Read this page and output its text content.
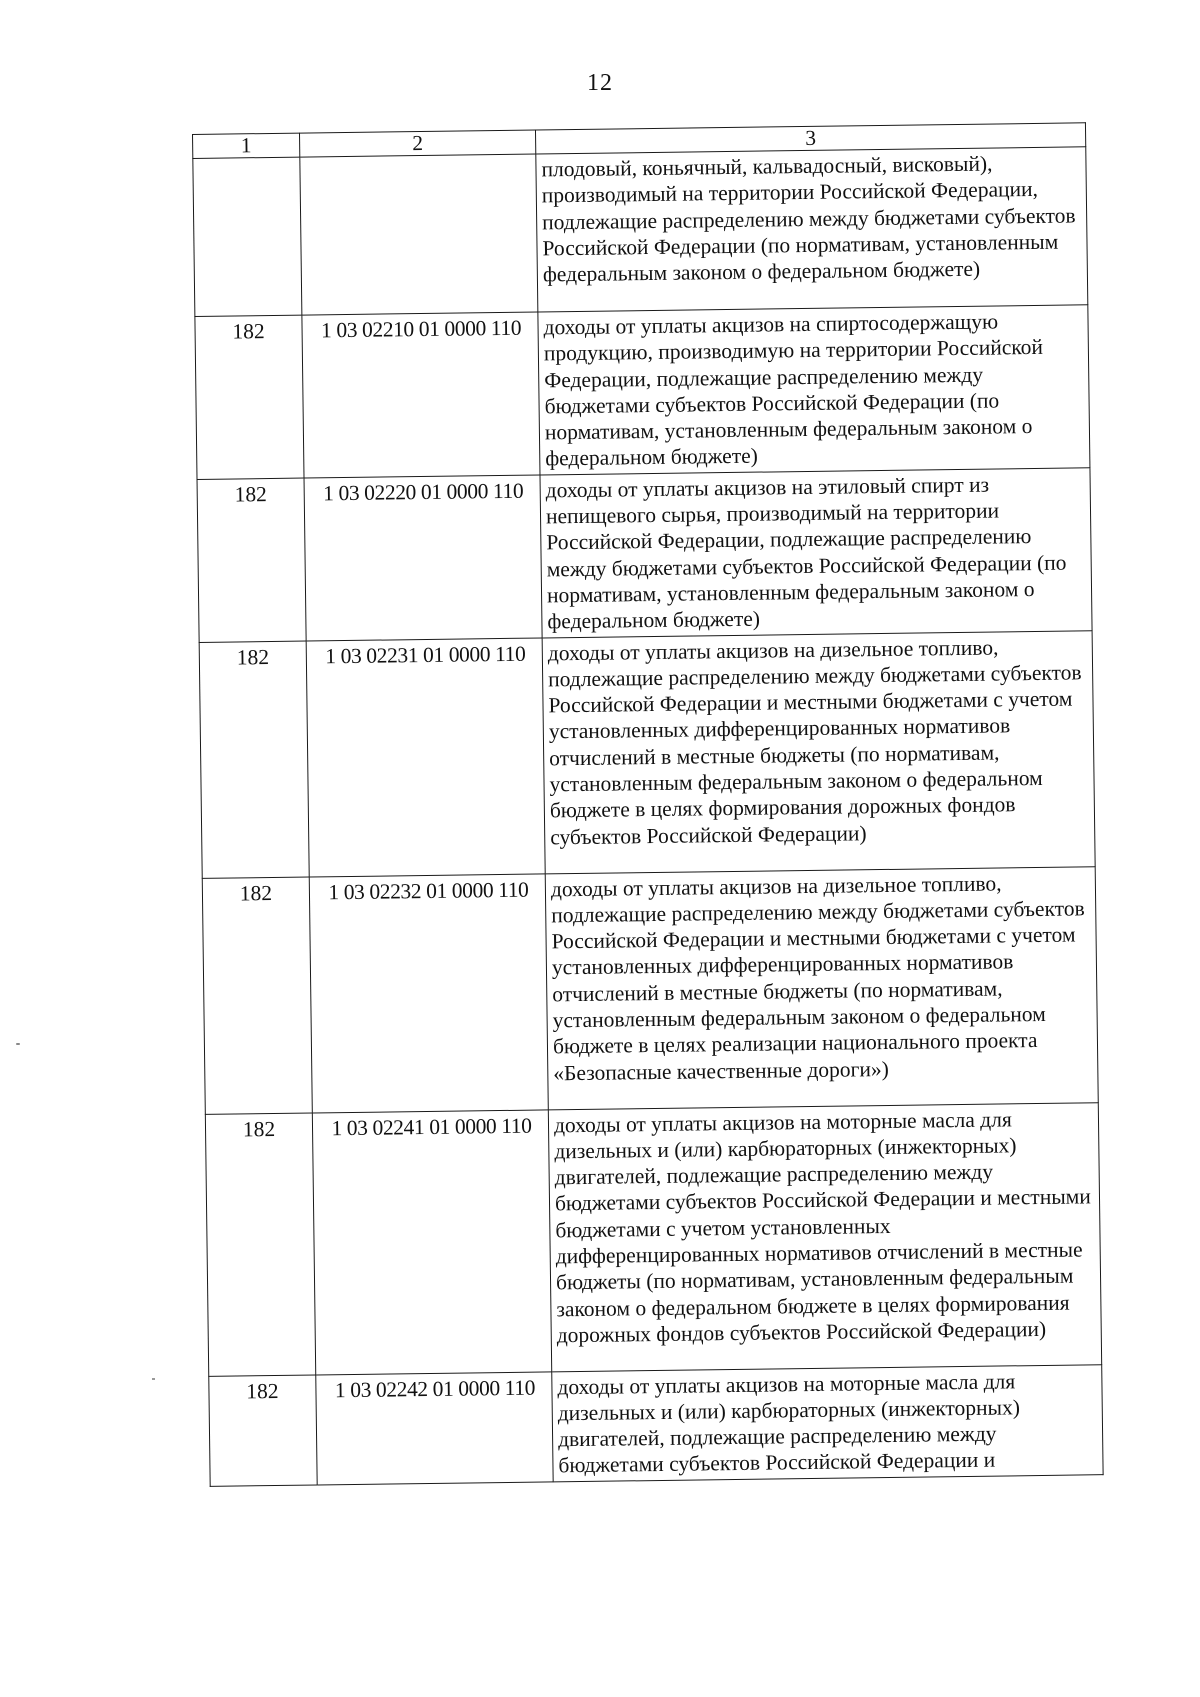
12
1	2	3
		плодовый, коньячный, кальвадосный, висковый), производимый на территории Российской Федерации, подлежащие распределению между бюджетами субъектов Российской Федерации (по нормативам, установленным федеральным законом о федеральном бюджете)
182	1 03 02210 01 0000 110	доходы от уплаты акцизов на спиртосодержащую продукцию, производимую на территории Российской Федерации, подлежащие распределению между бюджетами субъектов Российской Федерации (по нормативам, установленным федеральным законом о федеральном бюджете)
182	1 03 02220 01 0000 110	доходы от уплаты акцизов на этиловый спирт из непищевого сырья, производимый на территории Российской Федерации, подлежащие распределению между бюджетами субъектов Российской Федерации (по нормативам, установленным федеральным законом о федеральном бюджете)
182	1 03 02231 01 0000 110	доходы от уплаты акцизов на дизельное топливо, подлежащие распределению между бюджетами субъектов Российской Федерации и местными бюджетами с учетом установленных дифференцированных нормативов отчислений в местные бюджеты (по нормативам, установленным федеральным законом о федеральном бюджете в целях формирования дорожных фондов субъектов Российской Федерации)
182	1 03 02232 01 0000 110	доходы от уплаты акцизов на дизельное топливо, подлежащие распределению между бюджетами субъектов Российской Федерации и местными бюджетами с учетом установленных дифференцированных нормативов отчислений в местные бюджеты (по нормативам, установленным федеральным законом о федеральном бюджете в целях реализации национального проекта «Безопасные качественные дороги»)
182	1 03 02241 01 0000 110	доходы от уплаты акцизов на моторные масла для дизельных и (или) карбюраторных (инжекторных) двигателей, подлежащие распределению между бюджетами субъектов Российской Федерации и местными бюджетами с учетом установленных дифференцированных нормативов отчислений в местные бюджеты (по нормативам, установленным федеральным законом о федеральном бюджете в целях формирования дорожных фондов субъектов Российской Федерации)
182	1 03 02242 01 0000 110	доходы от уплаты акцизов на моторные масла для дизельных и (или) карбюраторных (инжекторных) двигателей, подлежащие распределению между бюджетами субъектов Российской Федерации и
